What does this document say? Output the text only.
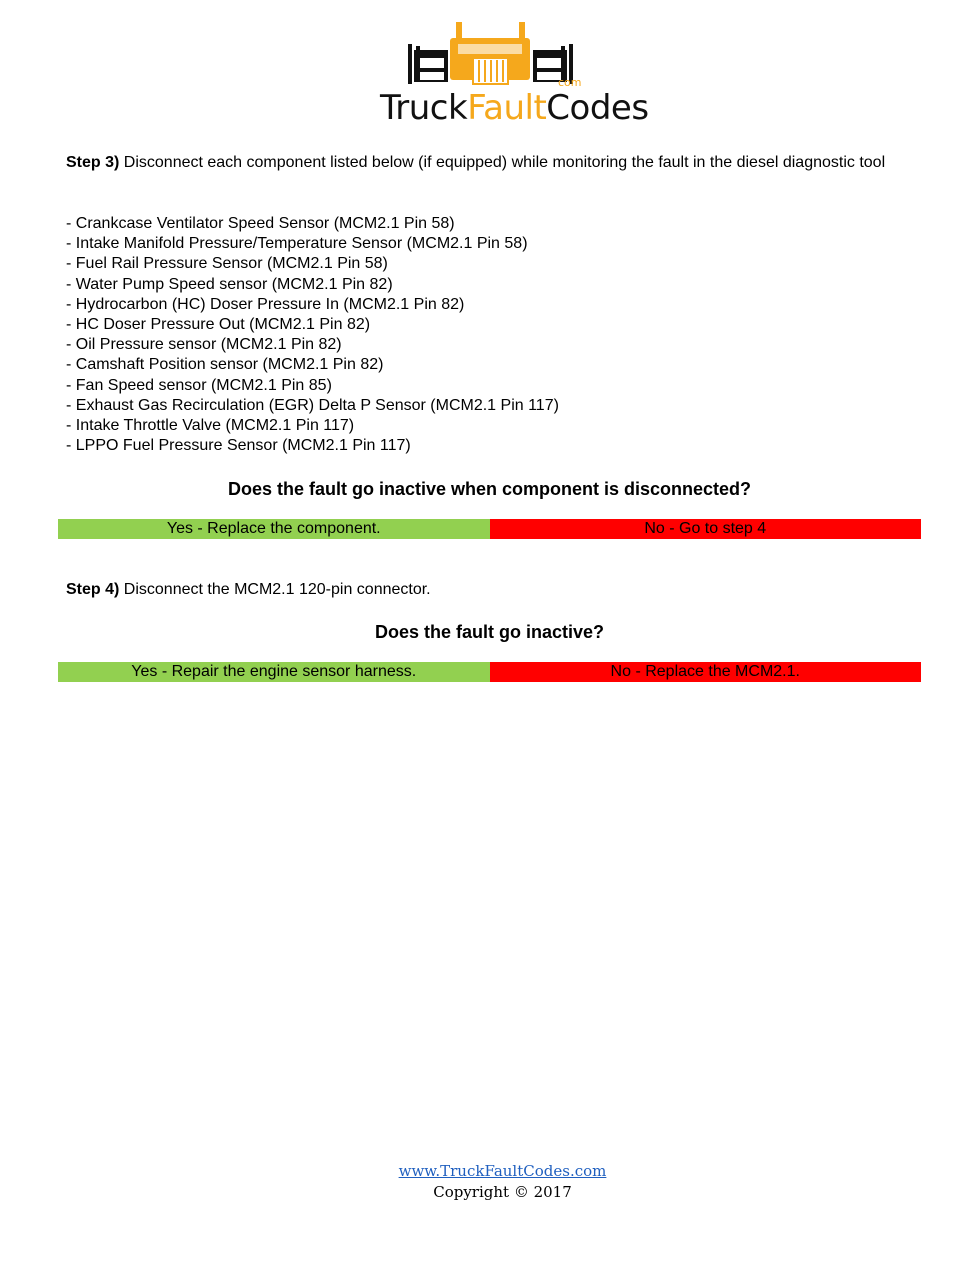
TruckFaultCodes
com
Step 3) Disconnect each component listed below (if equipped) while monitoring the fault in the diesel diagnostic tool
- Crankcase Ventilator Speed Sensor (MCM2.1 Pin 58)
- Intake Manifold Pressure/Temperature Sensor (MCM2.1 Pin 58)
- Fuel Rail Pressure Sensor (MCM2.1 Pin 58)
- Water Pump Speed sensor (MCM2.1 Pin 82)
- Hydrocarbon (HC) Doser Pressure In (MCM2.1 Pin 82)
- HC Doser Pressure Out (MCM2.1 Pin 82)
- Oil Pressure sensor (MCM2.1 Pin 82)
- Camshaft Position sensor (MCM2.1 Pin 82)
- Fan Speed sensor (MCM2.1 Pin 85)
- Exhaust Gas Recirculation (EGR) Delta P Sensor (MCM2.1 Pin 117)
- Intake Throttle Valve (MCM2.1 Pin 117)
- LPPO Fuel Pressure Sensor (MCM2.1 Pin 117)
Does the fault go inactive when component is disconnected?
Yes - Replace the component.	No - Go to step 4
Step 4) Disconnect the MCM2.1 120-pin connector.
Does the fault go inactive?
Yes - Repair the engine sensor harness.	No - Replace the MCM2.1.
www.TruckFaultCodes.com
Copyright © 2017
